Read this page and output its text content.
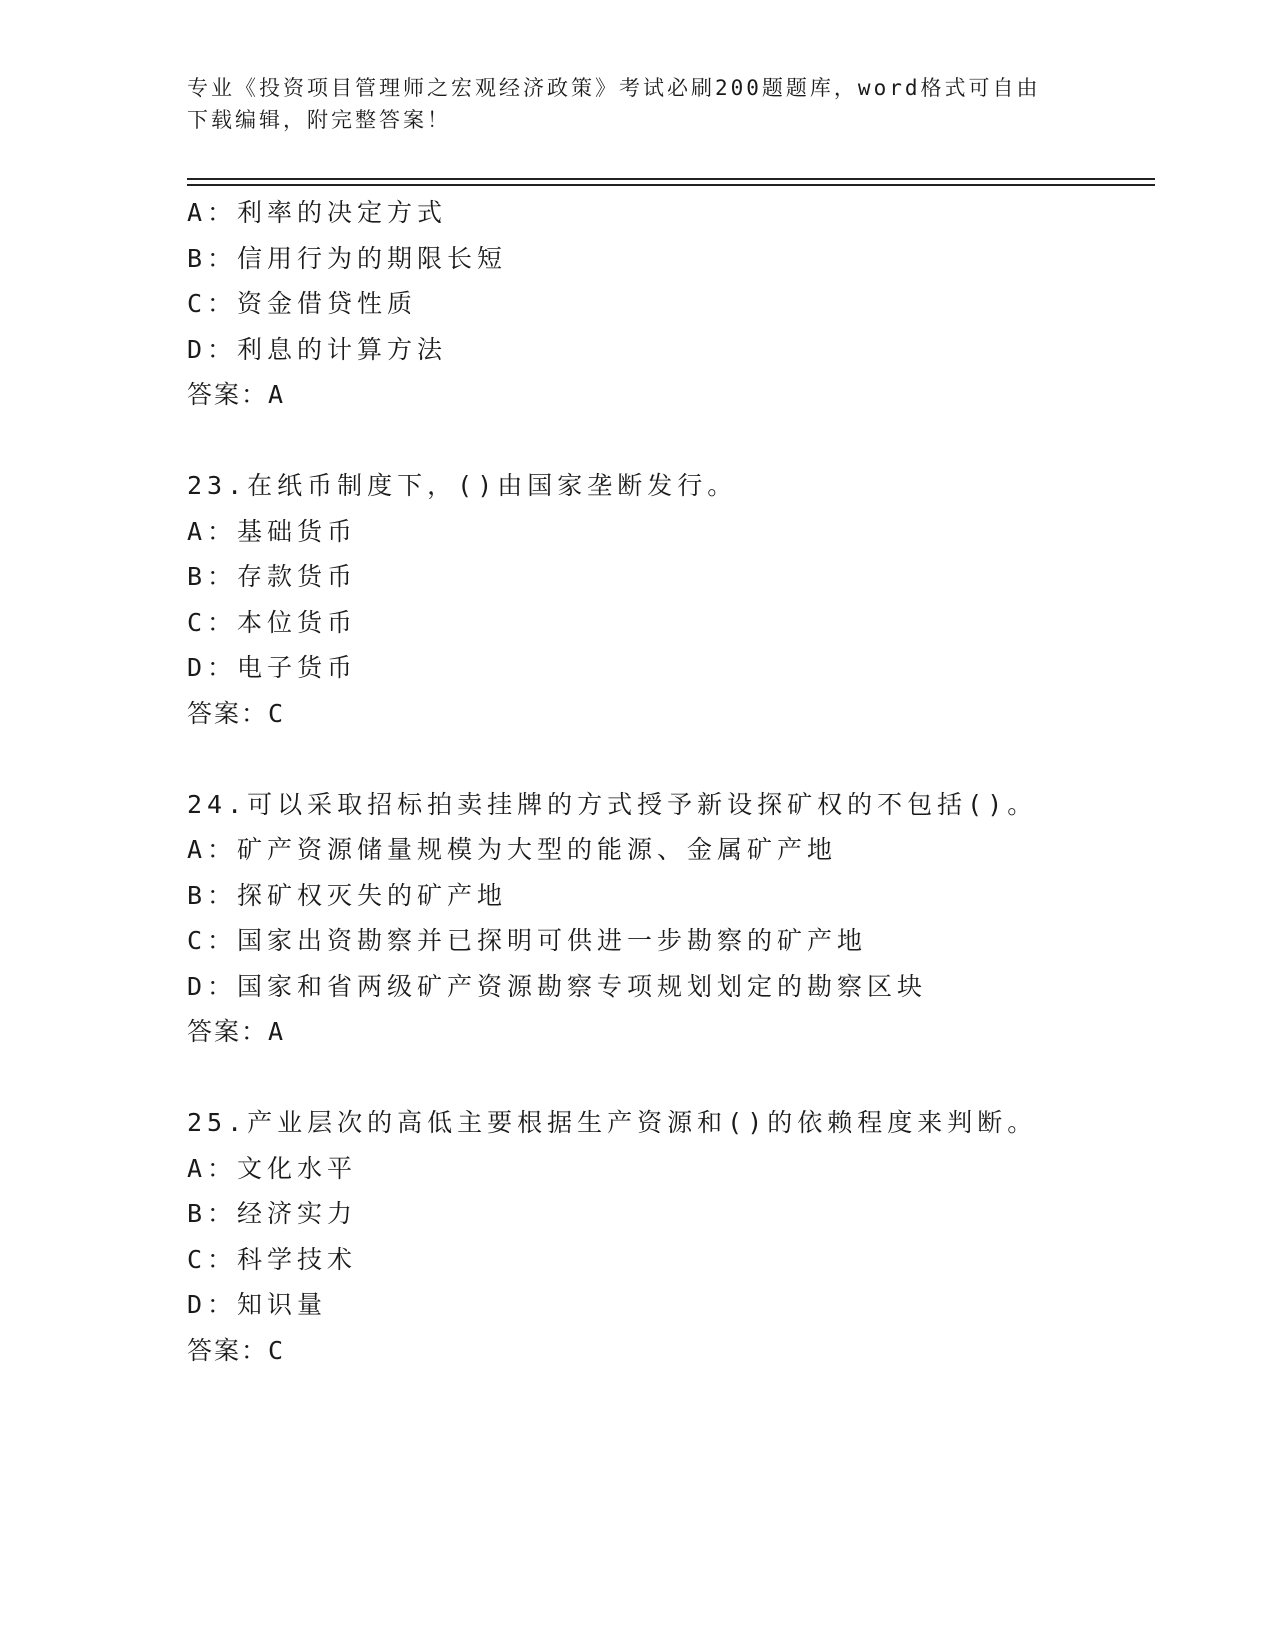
专业《投资项目管理师之宏观经济政策》考试必刷200题题库，word格式可自由
下载编辑，附完整答案！
A：利率的决定方式
B：信用行为的期限长短
C：资金借贷性质
D：利息的计算方法
答案：A
23.在纸币制度下，()由国家垄断发行。
A：基础货币
B：存款货币
C：本位货币
D：电子货币
答案：C
24.可以采取招标拍卖挂牌的方式授予新设探矿权的不包括()。
A：矿产资源储量规模为大型的能源、金属矿产地
B：探矿权灭失的矿产地
C：国家出资勘察并已探明可供进一步勘察的矿产地
D：国家和省两级矿产资源勘察专项规划划定的勘察区块
答案：A
25.产业层次的高低主要根据生产资源和()的依赖程度来判断。
A：文化水平
B：经济实力
C：科学技术
D：知识量
答案：C
